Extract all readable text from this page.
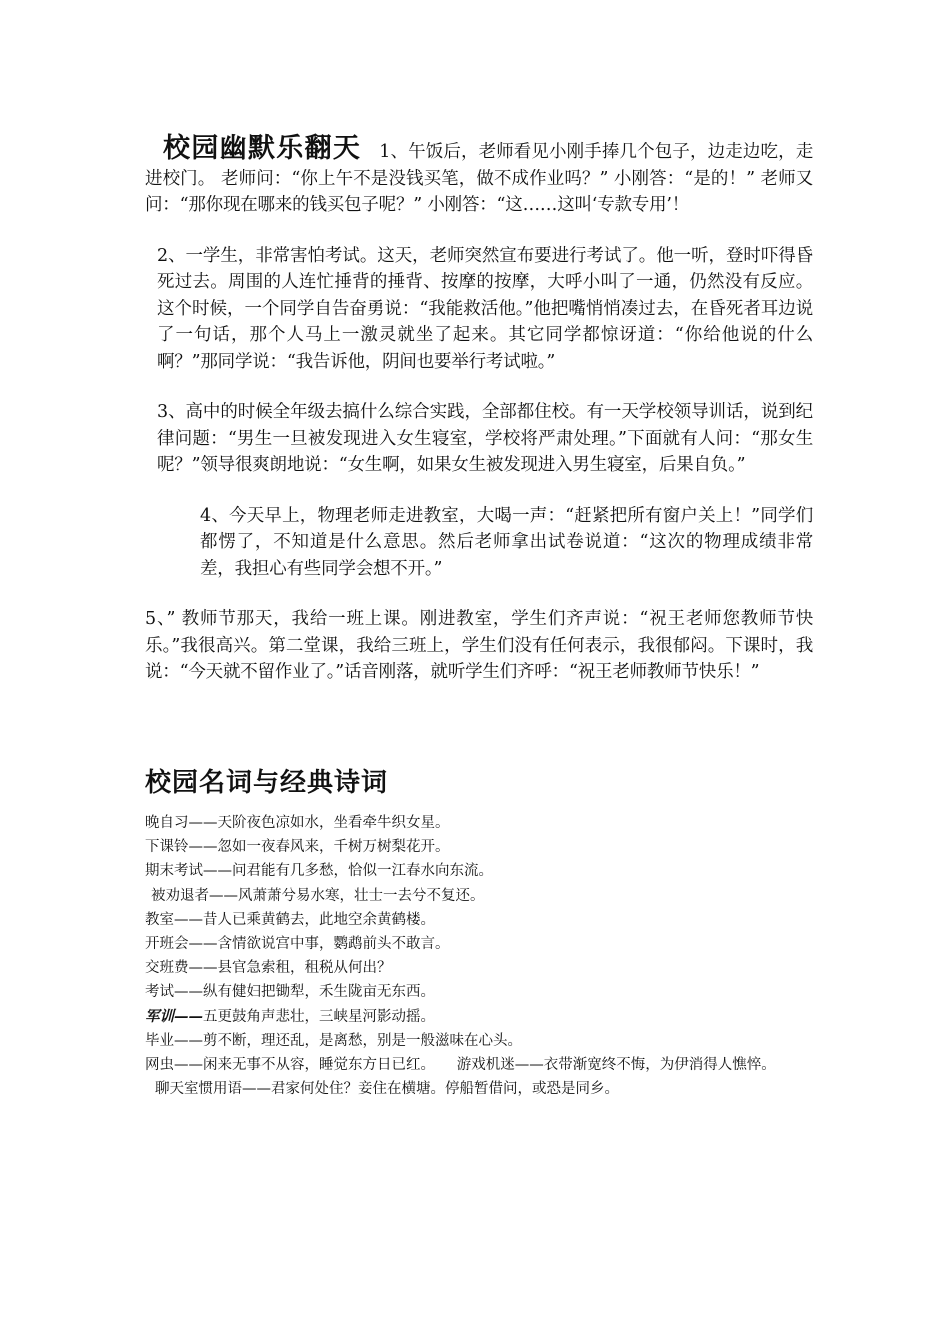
校园幽默乐翻天 1、午饭后，老师看见小刚手捧几个包子，边走边吃，走进校门。 老师问：“你上午不是没钱买笔，做不成作业吗？” 小刚答：“是的！” 老师又问：“那你现在哪来的钱买包子呢？” 小刚答：“这……这叫‘专款专用’！

2、一学生，非常害怕考试。这天，老师突然宣布要进行考试了。他一听，登时吓得昏死过去。周围的人连忙捶背的捶背、按摩的按摩，大呼小叫了一通，仍然没有反应。这个时候，一个同学自告奋勇说：“我能救活他。”他把嘴悄悄凑过去，在昏死者耳边说了一句话，那个人马上一激灵就坐了起来。其它同学都惊讶道：“你给他说的什么啊？”那同学说：“我告诉他，阴间也要举行考试啦。”

3、高中的时候全年级去搞什么综合实践，全部都住校。有一天学校领导训话，说到纪律问题：“男生一旦被发现进入女生寝室，学校将严肃处理。”下面就有人问：“那女生呢？”领导很爽朗地说：“女生啊，如果女生被发现进入男生寝室，后果自负。”

4、今天早上，物理老师走进教室，大喝一声：“赶紧把所有窗户关上！”同学们都愣了，不知道是什么意思。然后老师拿出试卷说道：“这次的物理成绩非常差，我担心有些同学会想不开。”

5、” 教师节那天，我给一班上课。刚进教室，学生们齐声说：“祝王老师您教师节快乐。”我很高兴。第二堂课，我给三班上，学生们没有任何表示，我很郁闷。下课时，我说：“今天就不留作业了。”话音刚落，就听学生们齐呼：“祝王老师教师节快乐！”

校园名词与经典诗词

晚自习——天阶夜色凉如水，坐看牵牛织女星。

下课铃——忽如一夜春风来，千树万树梨花开。

期末考试——问君能有几多愁，恰似一江春水向东流。

被劝退者——风萧萧兮易水寒，壮士一去兮不复还。

教室——昔人已乘黄鹤去，此地空余黄鹤楼。

开班会——含情欲说宫中事，鹦鹉前头不敢言。

交班费——县官急索租，租税从何出？

考试——纵有健妇把锄犁，禾生陇亩无东西。

军训——五更鼓角声悲壮，三峡星河影动摇。

毕业——剪不断，理还乱，是离愁，别是一般滋味在心头。

网虫——闲来无事不从容，睡觉东方日已红。　　游戏机迷——衣带渐宽终不悔，为伊消得人憔悴。

聊天室惯用语——君家何处住？妾住在横塘。停船暂借问，或恐是同乡。
